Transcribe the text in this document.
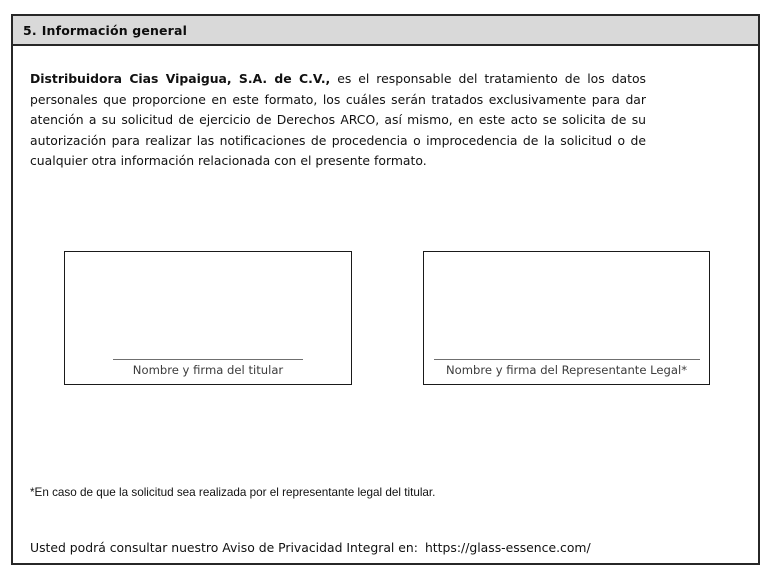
5. Información general

Distribuidora Cias Vipaigua, S.A. de C.V., es el responsable del tratamiento de los datos personales que proporcione en este formato, los cuáles serán tratados exclusivamente para dar atención a su solicitud de ejercicio de Derechos ARCO, así mismo, en este acto se solicita de su autorización para realizar las notificaciones de procedencia o improcedencia de la solicitud o de cualquier otra información relacionada con el presente formato.

Nombre y firma del titular	Nombre y firma del Representante Legal*
*En caso de que la solicitud sea realizada por el representante legal del titular.
Usted podrá consultar nuestro Aviso de Privacidad Integral en: https://glass-essence.com/
